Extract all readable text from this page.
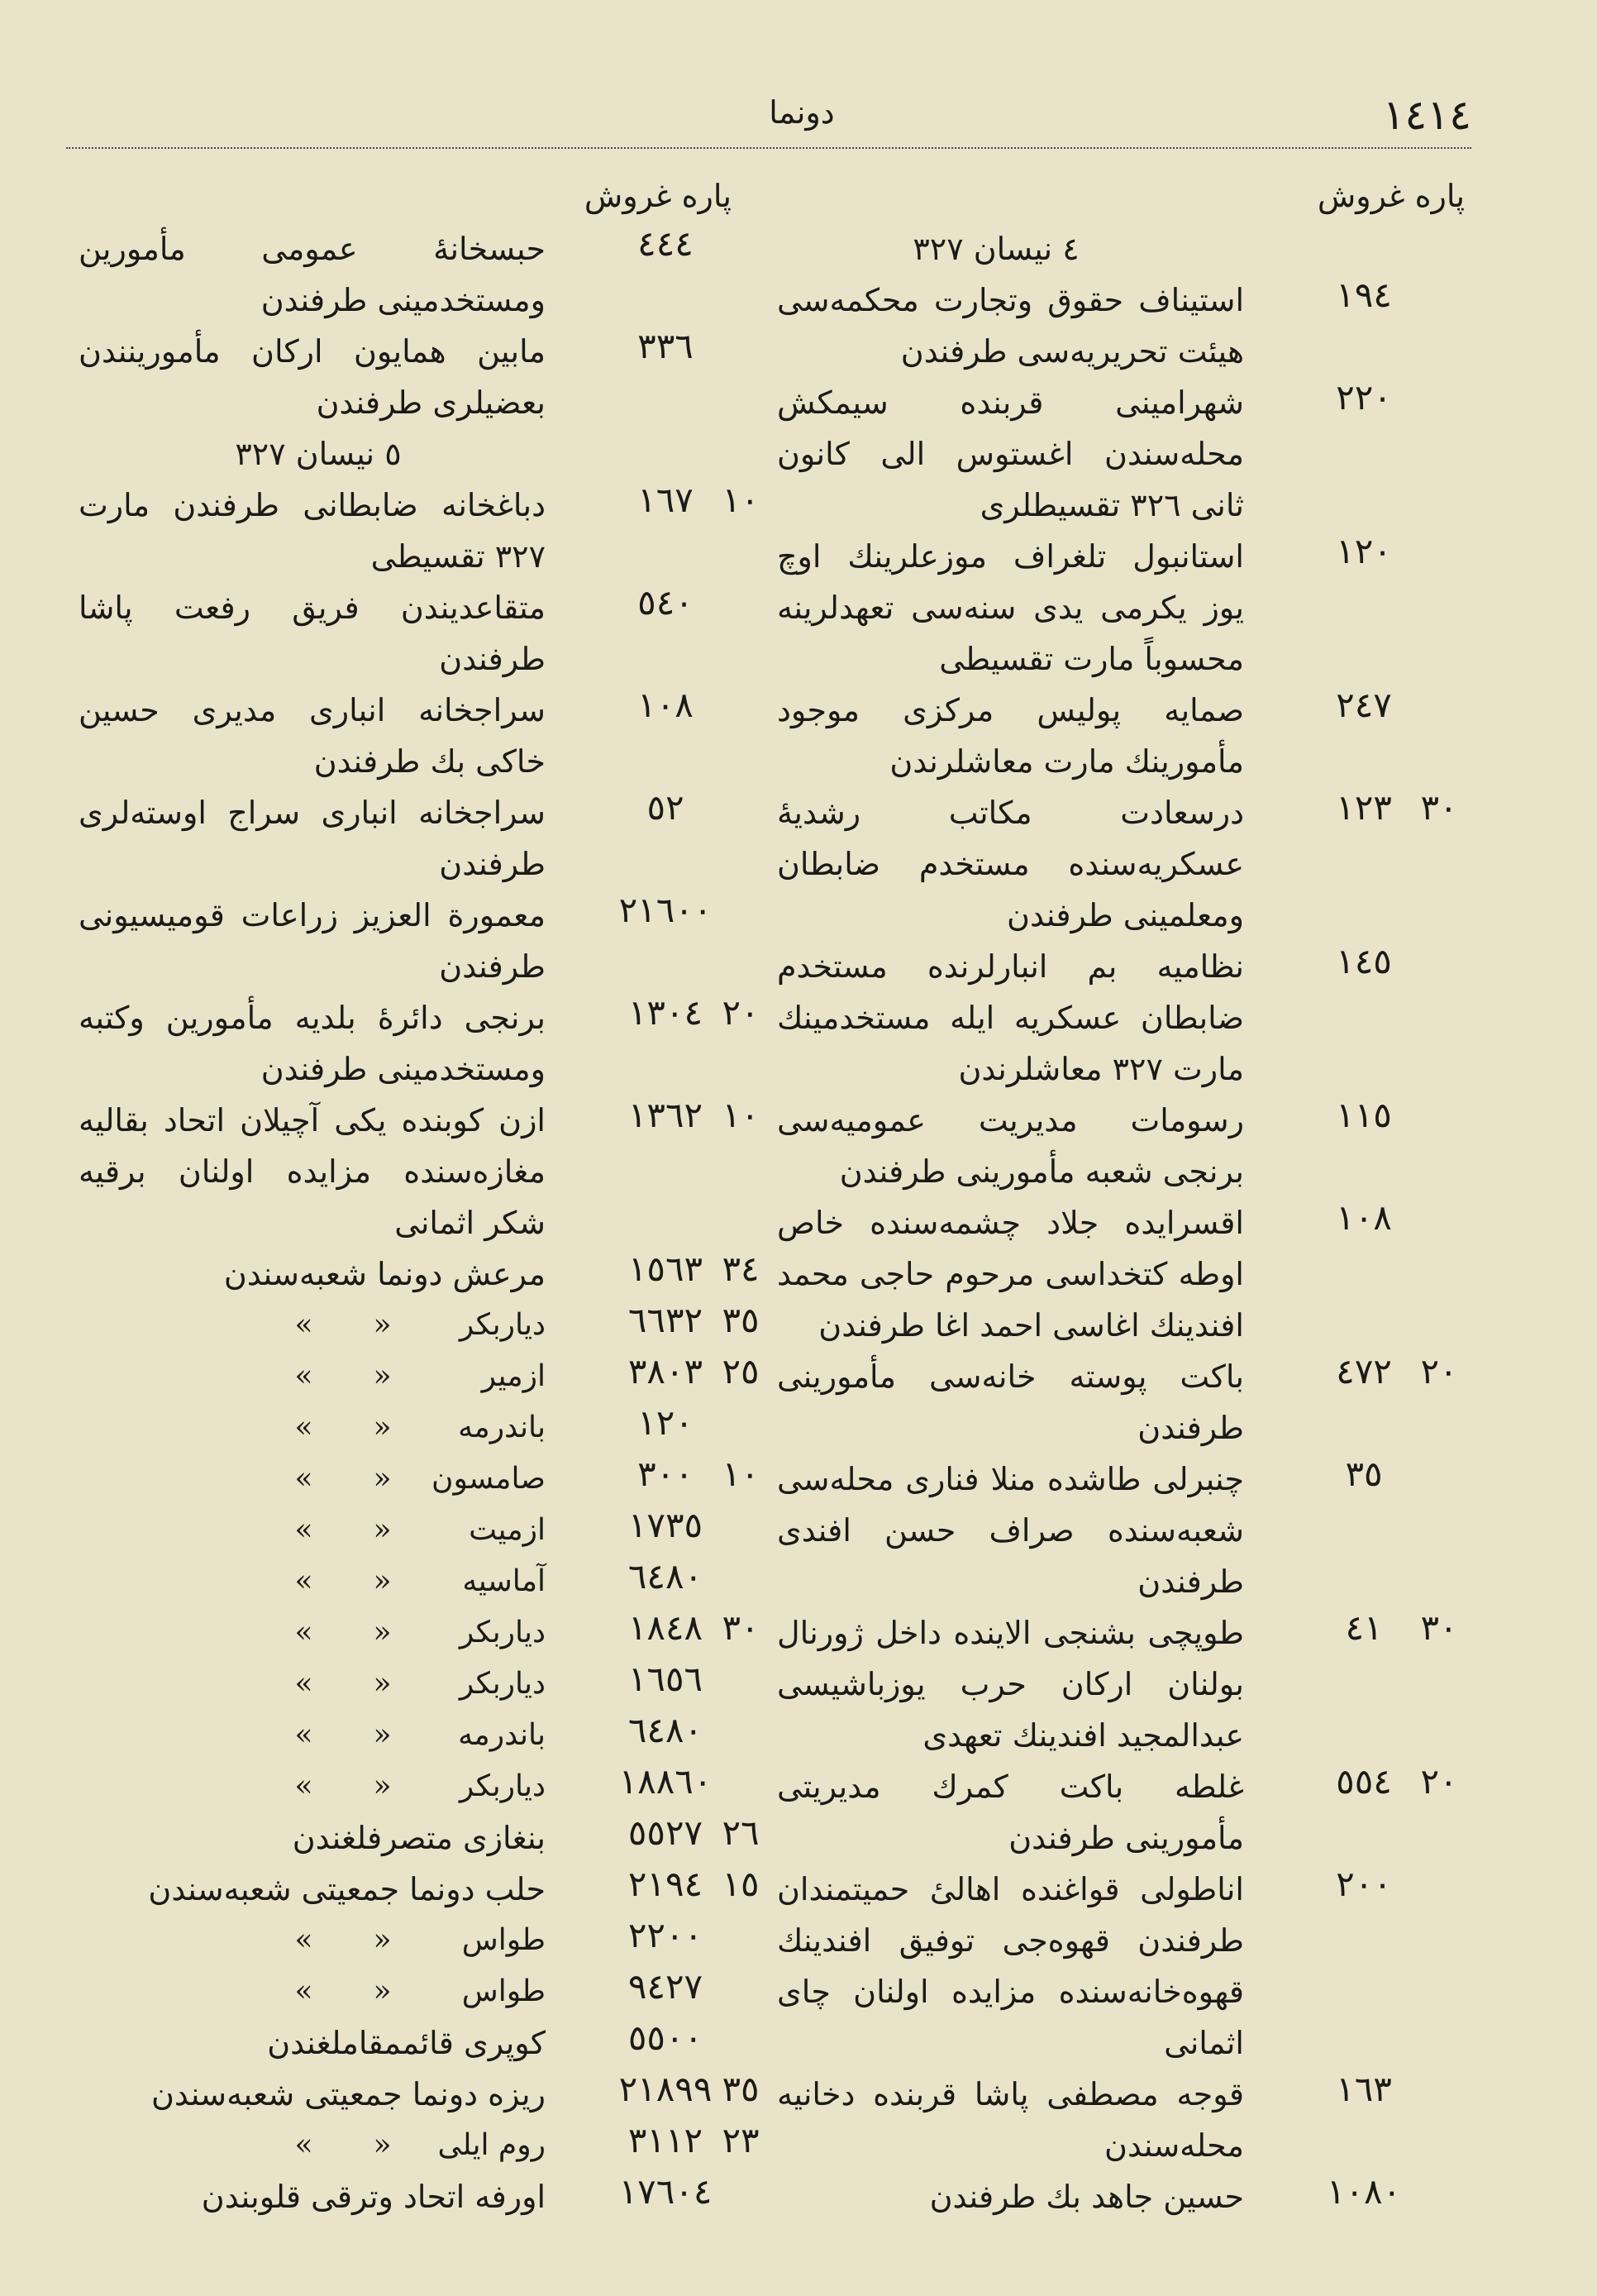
١٤١٤
دونما
پاره غروش
پاره غروش
٤ نیسان ٣٢٧
١٩٤
استیناف حقوق وتجارت محكمه‌سی هیئت تحریریه‌سی طرفندن
٢٢٠
شهرامینی قربنده سیمكش محله‌سندن اغستوس الی كانون ثانی ٣٢٦ تقسیطلری
١٢٠
استانبول تلغراف موزعلرینك اوچ یوز یكرمی یدی سنه‌سی تعهدلرینه محسوباً مارت تقسیطی
٢٤٧
صمایه پولیس مركزی موجود مأمورینك مارت معاشلرندن
١٢٣ ٣٠
درسعادت مكاتب رشدیهٔ عسكریه‌سنده مستخدم ضابطان ومعلمینی طرفندن
١٤٥
نظامیه بم انبارلرنده مستخدم ضابطان عسكریه ایله مستخدمینك مارت ٣٢٧ معاشلرندن
١١٥
رسومات مدیریت عمومیه‌سی برنجی شعبه مأمورینی طرفندن
١٠٨
اقسرایده جلاد چشمه‌سنده خاص اوطه كتخداسی مرحوم حاجی محمد افندینك اغاسی احمد اغا طرفندن
٤٧٢ ٢٠
باكت پوسته خانه‌سی مأمورینی طرفندن
٣٥
چنبرلی طاشده منلا فناری محله‌سی شعبه‌سنده صراف حسن افندی طرفندن
٤١	٣٠
طوپچی بشنجی الاینده داخل ژورنال بولنان اركان حرب یوزباشیسی عبدالمجید افندینك تعهدی
٥٥٤ ٢٠
غلطه باكت كمرك مدیریتی مأمورینی طرفندن
٢٠٠
اناطولی قواغنده اهالیٔ حمیتمندان طرفندن قهوه‌جی توفیق افندینك قهوه‌خانه‌سنده مزایده اولنان چای اثمانی
١٦٣
قوجه مصطفی پاشا قربنده دخانیه محله‌سندن
١٠٨٠
حسین جاهد بك طرفندن
٤٤٤
حبسخانهٔ عمومی مأمورین ومستخدمینی طرفندن
٣٣٦
مابین همایون اركان مأمورینندن بعضیلری طرفندن
٥ نیسان ٣٢٧
١٦٧ ١٠
دباغخانه ضابطانی طرفندن مارت ٣٢٧ تقسیطی
٥٤٠
متقاعدیندن فریق رفعت پاشا طرفندن
١٠٨
سراجخانه انباری مدیری حسین خاكی بك طرفندن
٥٢
سراجخانه انباری سراج اوسته‌لری طرفندن
٢١٦٠٠
معمورة العزیز زراعات قومیسیونی طرفندن
١٣٠٤ ٢٠
برنجی دائرهٔ بلدیه مأمورین وكتبه ومستخدمینی طرفندن
١٣٦٢ ١٠
ازن كوبنده یكی آچیلان اتحاد بقالیه مغازه‌سنده مزایده اولنان برقیه شكر اثمانی
١٥٦٣ ٣٤
مرعش دونما شعبه‌سندن
٦٦٣٢ ٣٥
دیاربكر«»
٣٨٠٣ ٢٥
ازمیر«»
١٢٠
باندرمه«»
٣٠٠ ١٠
صامسون«»
١٧٣٥
ازمیت«»
٦٤٨٠
آماسیه«»
١٨٤٨ ٣٠
دیاربكر«»
١٦٥٦
دیاربكر«»
٦٤٨٠
باندرمه«»
١٨٨٦٠
دیاربكر«»
٥٥٢٧ ٢٦
بنغازی متصرفلغندن
٢١٩٤ ١٥
حلب دونما جمعیتی شعبه‌سندن
٢٢٠٠
طواس«»
٩٤٢٧
طواس«»
٥٥٠٠
كوپری قائممقاملغندن
٢١٨٩٩ ٣٥
ریزه دونما جمعیتی شعبه‌سندن
٣١١٢ ٢٣
روم ایلی«»
١٧٦٠٤
اورفه اتحاد وترقی قلوبندن
